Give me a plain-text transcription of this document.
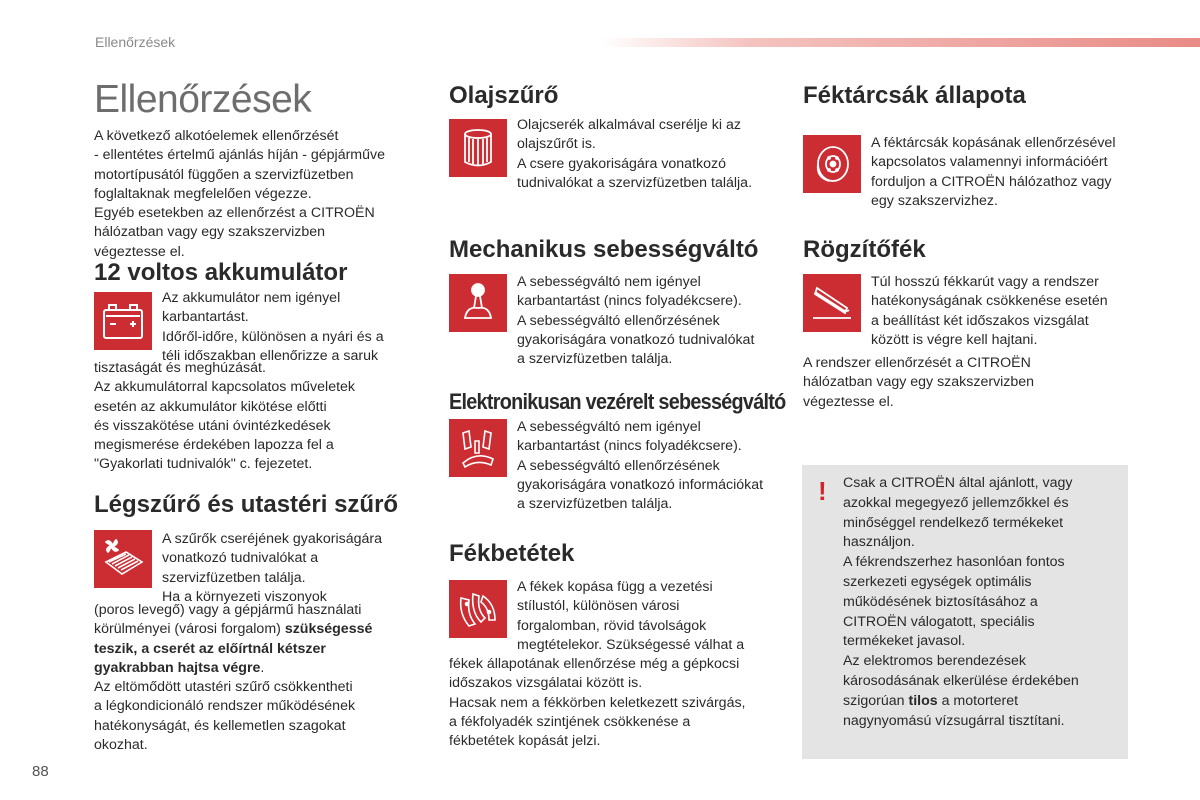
Ellenőrzések
Ellenőrzések
A következő alkotóelemek ellenőrzését
- ellentétes értelmű ajánlás híján - gépjárműve
motortípusától függően a szervizfüzetben
foglaltaknak megfelelően végezze.
Egyéb esetekben az ellenőrzést a CITROËN
hálózatban vagy egy szakszervizben
végeztesse el.
12 voltos akkumulátor
Az akkumulátor nem igényel
karbantartást.
Időről-időre, különösen a nyári és a
téli időszakban ellenőrizze a saruk
tisztaságát és meghúzását.
Az akkumulátorral kapcsolatos műveletek
esetén az akkumulátor kikötése előtti
és visszakötése utáni óvintézkedések
megismerése érdekében lapozza fel a
"Gyakorlati tudnivalók" c. fejezetet.
Légszűrő és utastéri szűrő
A szűrők cseréjének gyakoriságára
vonatkozó tudnivalókat a
szervizfüzetben találja.
Ha a környezeti viszonyok
(poros levegő) vagy a gépjármű használati
körülményei (városi forgalom) szükségessé
teszik, a cserét az előírtnál kétszer
gyakrabban hajtsa végre.
Az eltömődött utastéri szűrő csökkentheti
a légkondicionáló rendszer működésének
hatékonyságát, és kellemetlen szagokat
okozhat.
Olajszűrő
Olajcserék alkalmával cserélje ki az
olajszűrőt is.
A csere gyakoriságára vonatkozó
tudnivalókat a szervizfüzetben találja.
Mechanikus sebességváltó
A sebességváltó nem igényel
karbantartást (nincs folyadékcsere).
A sebességváltó ellenőrzésének
gyakoriságára vonatkozó tudnivalókat
a szervizfüzetben találja.
Elektronikusan vezérelt sebességváltó
A sebességváltó nem igényel
karbantartást (nincs folyadékcsere).
A sebességváltó ellenőrzésének
gyakoriságára vonatkozó információkat
a szervizfüzetben találja.
Fékbetétek
A fékek kopása függ a vezetési
stílustól, különösen városi
forgalomban, rövid távolságok
megtételekor. Szükségessé válhat a
fékek állapotának ellenőrzése még a gépkocsi
időszakos vizsgálatai között is.
Hacsak nem a fékkörben keletkezett szivárgás,
a fékfolyadék szintjének csökkenése a
fékbetétek kopását jelzi.
Féktárcsák állapota
A féktárcsák kopásának ellenőrzésével
kapcsolatos valamennyi információért
forduljon a CITROËN hálózathoz vagy
egy szakszervizhez.
Rögzítőfék
Túl hosszú fékkarút vagy a rendszer
hatékonyságának csökkenése esetén
a beállítást két időszakos vizsgálat
között is végre kell hajtani.
A rendszer ellenőrzését a CITROËN
hálózatban vagy egy szakszervizben
végeztesse el.
! Csak a CITROËN által ajánlott, vagy
azokkal megegyező jellemzőkkel és
minőséggel rendelkező termékeket
használjon.
A fékrendszerhez hasonlóan fontos
szerkezeti egységek optimális
működésének biztosításához a
CITROËN válogatott, speciális
termékeket javasol.
Az elektromos berendezések
károsodásának elkerülése érdekében
szigorúan tilos a motorteret
nagynyomású vízsugárral tisztítani.
88
